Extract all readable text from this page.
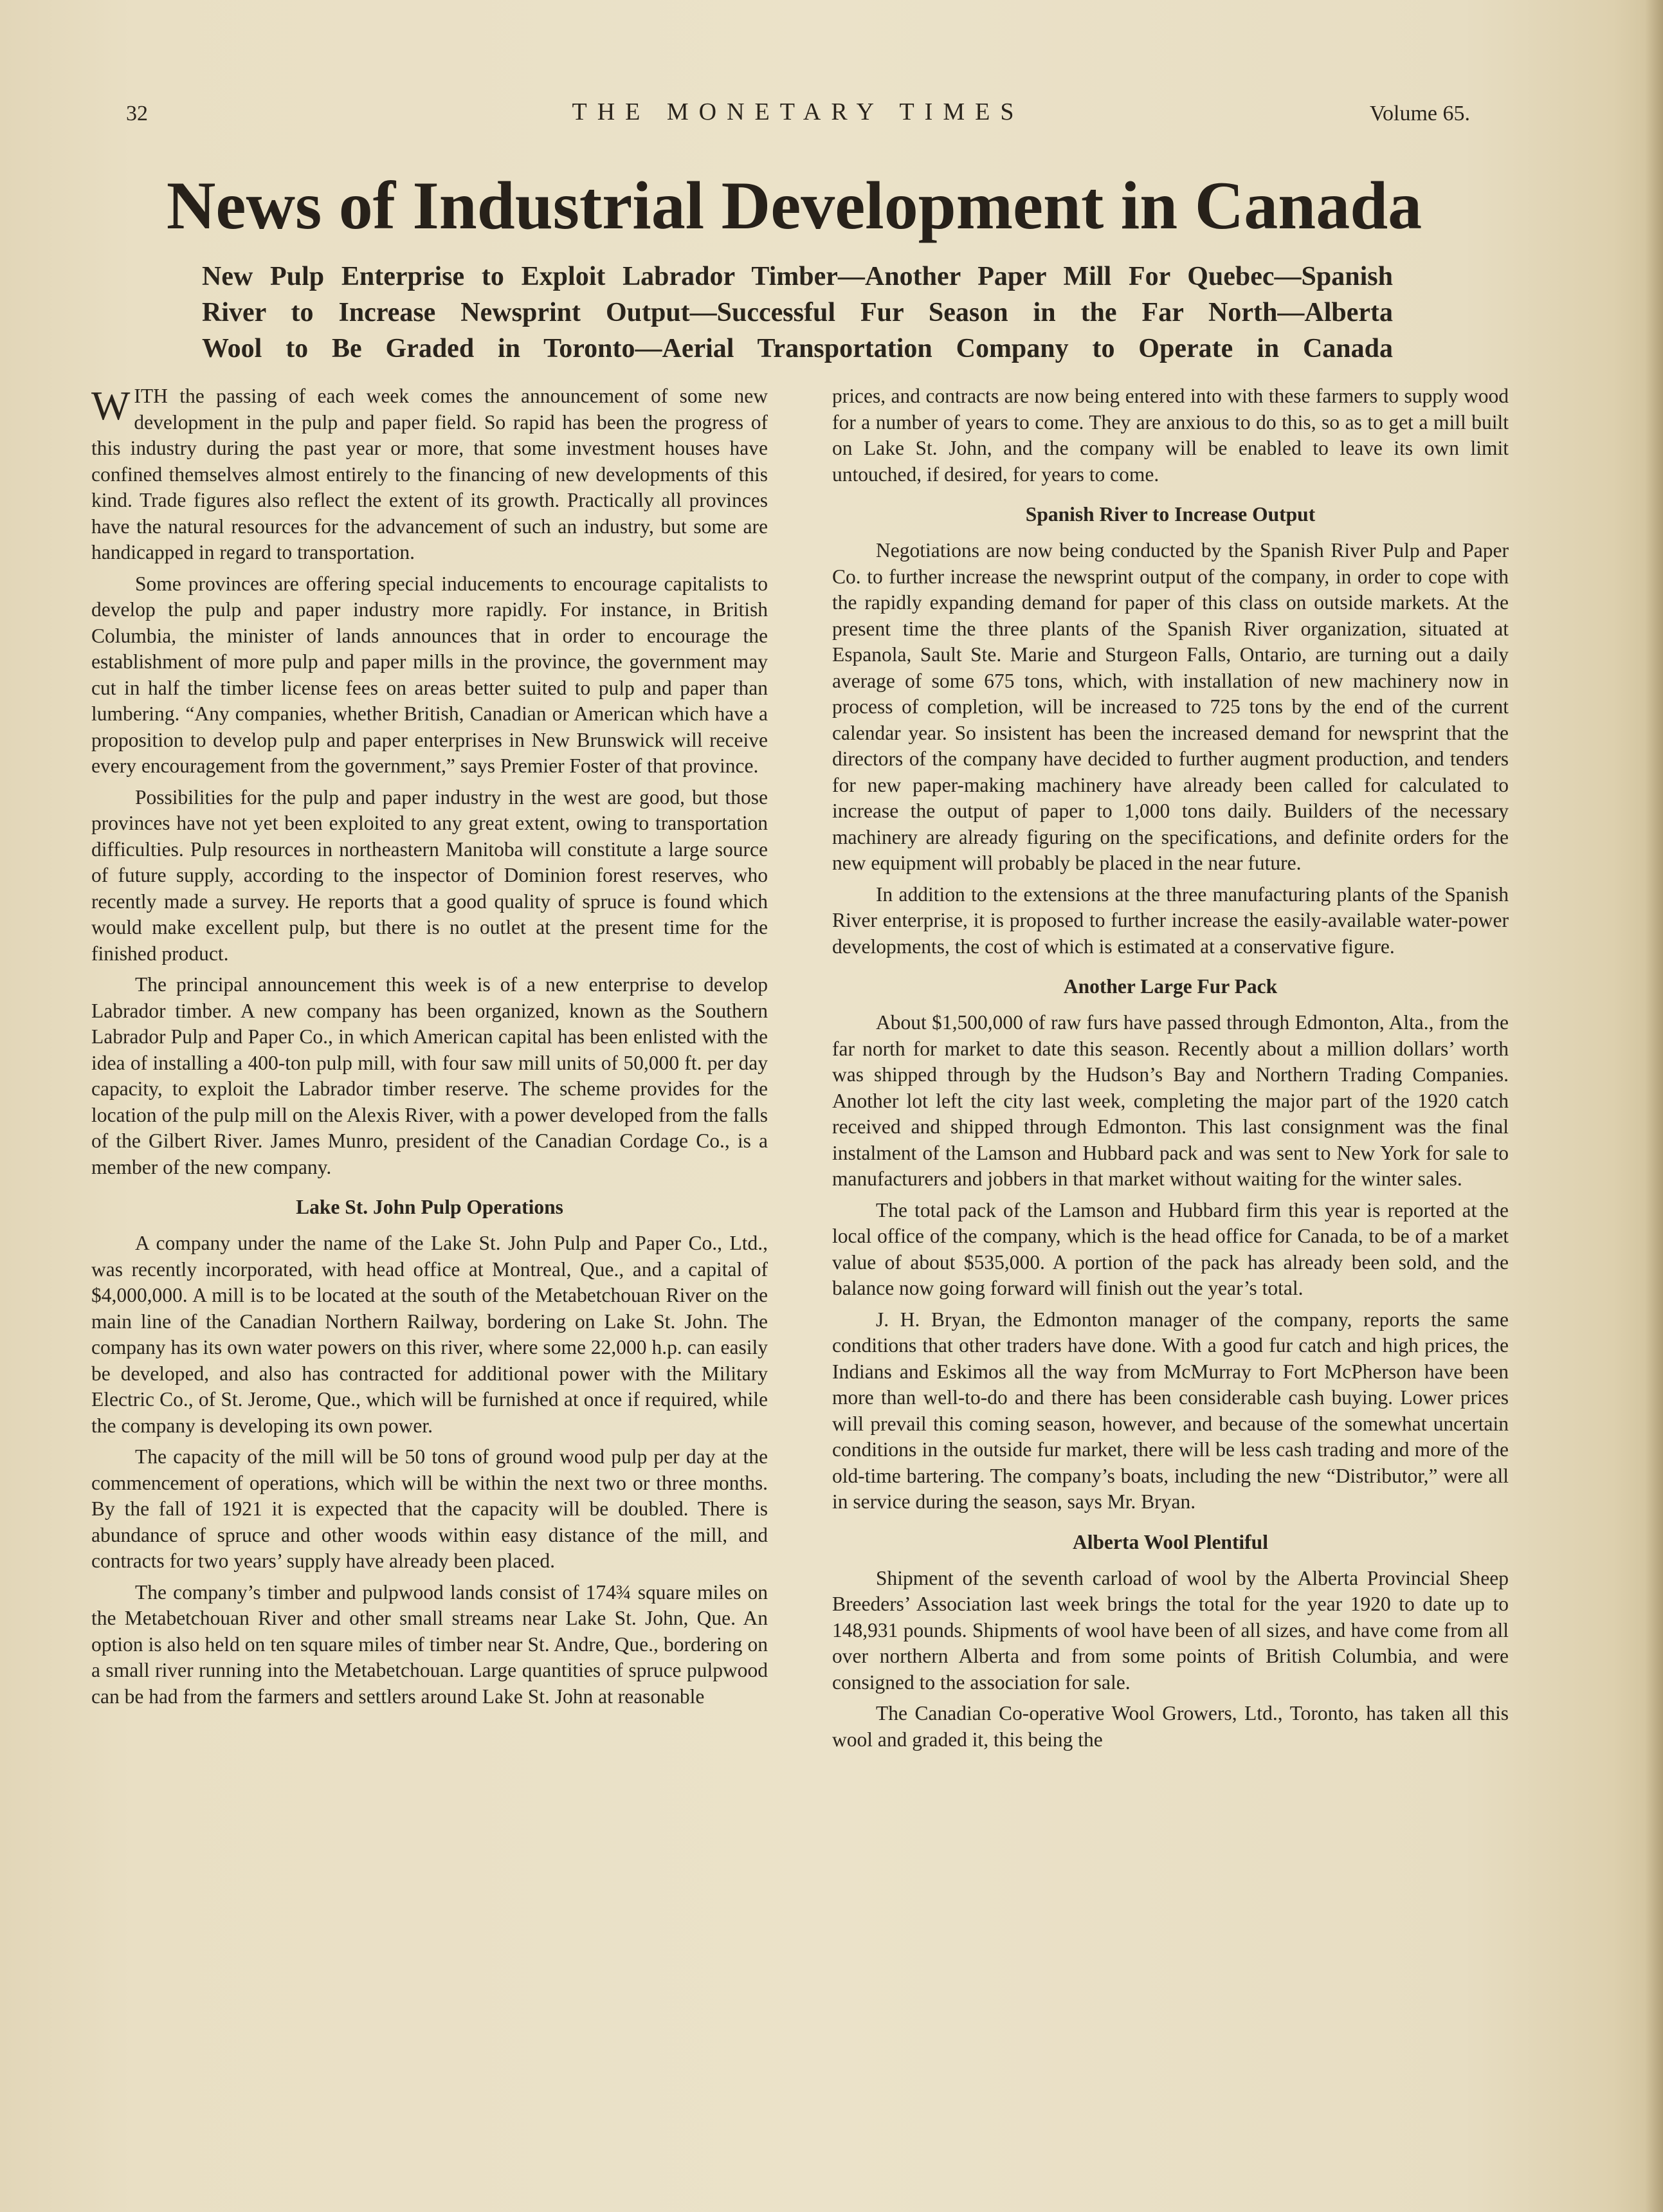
32	THE MONETARY TIMES	Volume 65.
News of Industrial Development in Canada
New Pulp Enterprise to Exploit Labrador Timber—Another Paper Mill For Quebec—Spanish
River to Increase Newsprint Output—Successful Fur Season in the Far North—Alberta
Wool to Be Graded in Toronto—Aerial Transportation Company to Operate in Canada

WITH the passing of each week comes the announcement of some new development in the pulp and paper field. So rapid has been the progress of this industry during the past year or more, that some investment houses have confined themselves almost entirely to the financing of new developments of this kind. Trade figures also reflect the extent of its growth. Practically all provinces have the natural resources for the advancement of such an industry, but some are handicapped in regard to transportation.

Some provinces are offering special inducements to encourage capitalists to develop the pulp and paper industry more rapidly. For instance, in British Columbia, the minister of lands announces that in order to encourage the establishment of more pulp and paper mills in the province, the government may cut in half the timber license fees on areas better suited to pulp and paper than lumbering. “Any companies, whether British, Canadian or American which have a proposition to develop pulp and paper enterprises in New Brunswick will receive every encouragement from the government,” says Premier Foster of that province.

Possibilities for the pulp and paper industry in the west are good, but those provinces have not yet been exploited to any great extent, owing to transportation difficulties. Pulp resources in northeastern Manitoba will constitute a large source of future supply, according to the inspector of Dominion forest reserves, who recently made a survey. He reports that a good quality of spruce is found which would make excellent pulp, but there is no outlet at the present time for the finished product.

The principal announcement this week is of a new enterprise to develop Labrador timber. A new company has been organized, known as the Southern Labrador Pulp and Paper Co., in which American capital has been enlisted with the idea of installing a 400-ton pulp mill, with four saw mill units of 50,000 ft. per day capacity, to exploit the Labrador timber reserve. The scheme provides for the location of the pulp mill on the Alexis River, with a power developed from the falls of the Gilbert River. James Munro, president of the Canadian Cordage Co., is a member of the new company.

Lake St. John Pulp Operations

A company under the name of the Lake St. John Pulp and Paper Co., Ltd., was recently incorporated, with head office at Montreal, Que., and a capital of $4,000,000. A mill is to be located at the south of the Metabetchouan River on the main line of the Canadian Northern Railway, bordering on Lake St. John. The company has its own water powers on this river, where some 22,000 h.p. can easily be developed, and also has contracted for additional power with the Military Electric Co., of St. Jerome, Que., which will be furnished at once if required, while the company is developing its own power.

The capacity of the mill will be 50 tons of ground wood pulp per day at the commencement of operations, which will be within the next two or three months. By the fall of 1921 it is expected that the capacity will be doubled. There is abundance of spruce and other woods within easy distance of the mill, and contracts for two years’ supply have already been placed.

The company’s timber and pulpwood lands consist of 174¾ square miles on the Metabetchouan River and other small streams near Lake St. John, Que. An option is also held on ten square miles of timber near St. Andre, Que., bordering on a small river running into the Metabetchouan. Large quantities of spruce pulpwood can be had from the farmers and settlers around Lake St. John at reasonable

prices, and contracts are now being entered into with these farmers to supply wood for a number of years to come. They are anxious to do this, so as to get a mill built on Lake St. John, and the company will be enabled to leave its own limit untouched, if desired, for years to come.

Spanish River to Increase Output

Negotiations are now being conducted by the Spanish River Pulp and Paper Co. to further increase the newsprint output of the company, in order to cope with the rapidly expanding demand for paper of this class on outside markets. At the present time the three plants of the Spanish River organization, situated at Espanola, Sault Ste. Marie and Sturgeon Falls, Ontario, are turning out a daily average of some 675 tons, which, with installation of new machinery now in process of completion, will be increased to 725 tons by the end of the current calendar year. So insistent has been the increased demand for newsprint that the directors of the company have decided to further augment production, and tenders for new paper-making machinery have already been called for calculated to increase the output of paper to 1,000 tons daily. Builders of the necessary machinery are already figuring on the specifications, and definite orders for the new equipment will probably be placed in the near future.

In addition to the extensions at the three manufacturing plants of the Spanish River enterprise, it is proposed to further increase the easily-available water-power developments, the cost of which is estimated at a conservative figure.

Another Large Fur Pack

About $1,500,000 of raw furs have passed through Edmonton, Alta., from the far north for market to date this season. Recently about a million dollars’ worth was shipped through by the Hudson’s Bay and Northern Trading Companies. Another lot left the city last week, completing the major part of the 1920 catch received and shipped through Edmonton. This last consignment was the final instalment of the Lamson and Hubbard pack and was sent to New York for sale to manufacturers and jobbers in that market without waiting for the winter sales.

The total pack of the Lamson and Hubbard firm this year is reported at the local office of the company, which is the head office for Canada, to be of a market value of about $535,000. A portion of the pack has already been sold, and the balance now going forward will finish out the year’s total.

J. H. Bryan, the Edmonton manager of the company, reports the same conditions that other traders have done. With a good fur catch and high prices, the Indians and Eskimos all the way from McMurray to Fort McPherson have been more than well-to-do and there has been considerable cash buying. Lower prices will prevail this coming season, however, and because of the somewhat uncertain conditions in the outside fur market, there will be less cash trading and more of the old-time bartering. The company’s boats, including the new “Distributor,” were all in service during the season, says Mr. Bryan.

Alberta Wool Plentiful

Shipment of the seventh carload of wool by the Alberta Provincial Sheep Breeders’ Association last week brings the total for the year 1920 to date up to 148,931 pounds. Shipments of wool have been of all sizes, and have come from all over northern Alberta and from some points of British Columbia, and were consigned to the association for sale.

The Canadian Co-operative Wool Growers, Ltd., Toronto, has taken all this wool and graded it, this being the
